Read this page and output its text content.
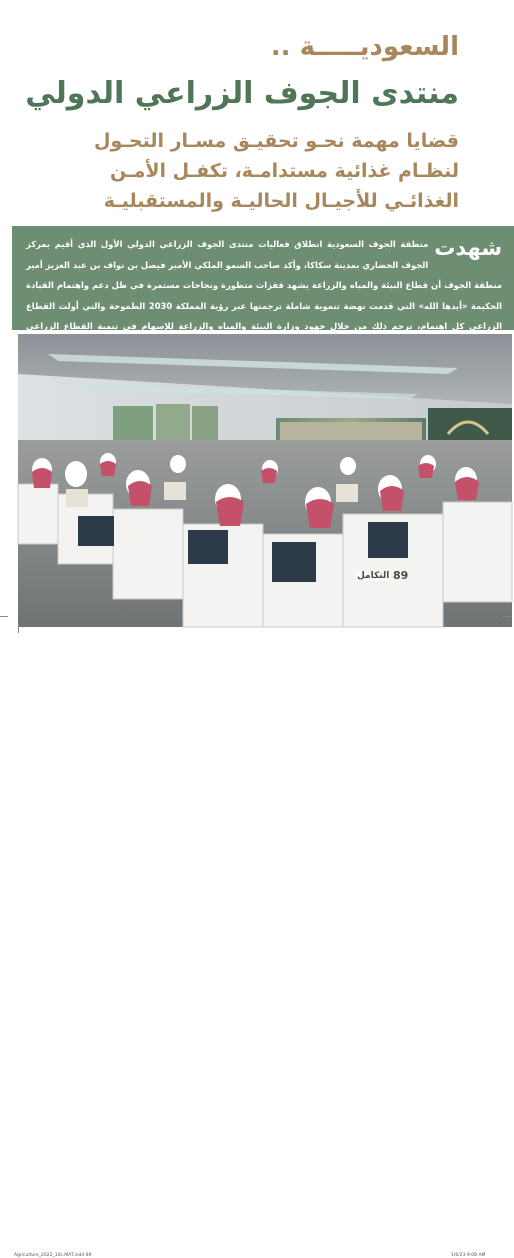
السعوديـــــة ..
منتدى الجوف الزراعي الدولي
قضايا مهمة نحـو تحقيـق مسـار التحـول لنظـام غذائية مستدامـة، تكفـل الأمـن الغذائـي للأجيـال الحاليـة والمستقبليـة
شهدت
منطقة الجوف السعودية انطلاق فعاليات منتدى الجوف الزراعي الدولي الأول الذي أقيم بمركز الجوف الحضاري بمدينة سكاكا، وأكد صاحب السمو الملكي الأمير فيصل بن نواف بن عبد العزيز أمير منطقة الجوف أن قطاع البيئة والمياه والزراعة يشهد قفزات متطورة ونجاحات مستمرة في ظل دعم واهتمام القيادة الحكيمة «أيدها الله» التي قدمت نهضة تنموية شاملة ترجمتها عبر رؤية المملكة 2030 الطموحة والتي أولت القطاع الزراعي كل اهتمام، ترجم ذلك من خلال جهود وزارة البيئة والمياه والزراعة للإسهام في تنمية القطاع الزراعي
التكامل 89
Agriculture_2022_10s.MAT.indd 89	1/6/23 9:08 AM
